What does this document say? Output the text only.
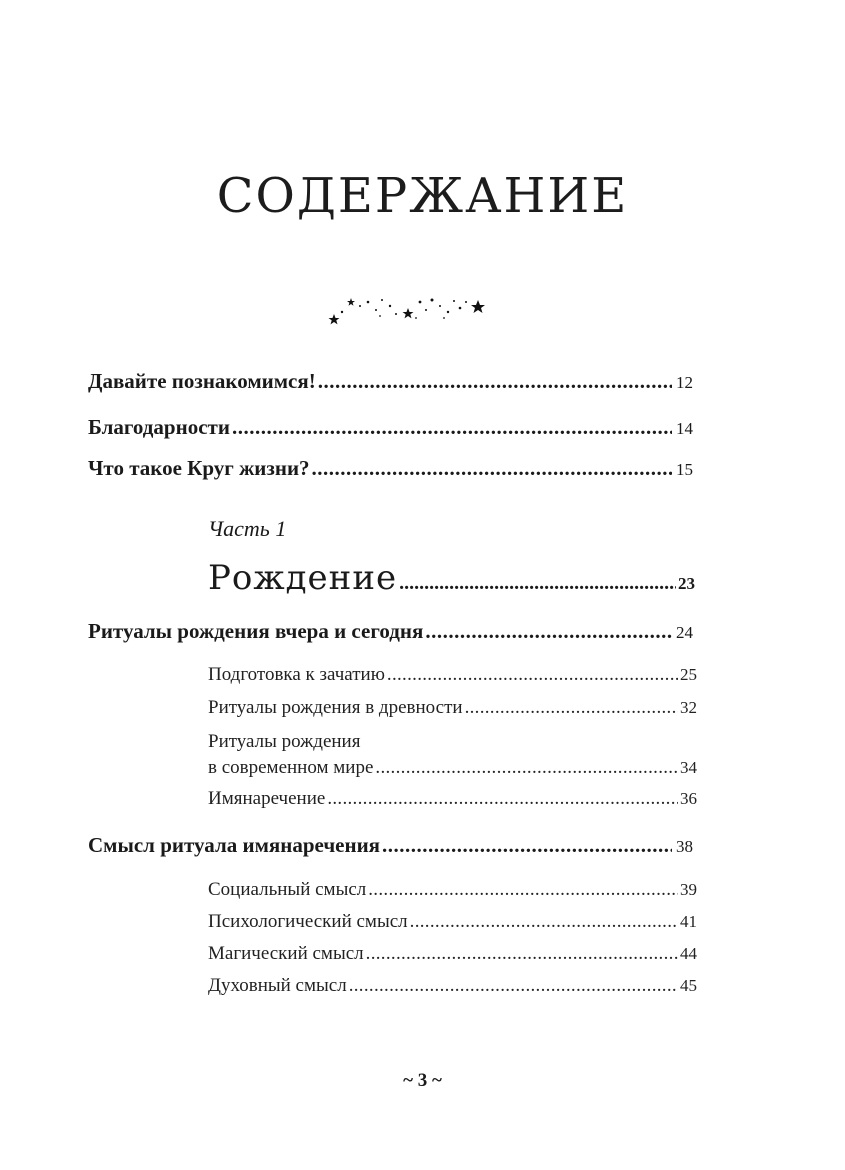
СОДЕРЖАНИЕ
Давайте познакомимся! .....	12
Благодарности .....	14
Что такое Круг жизни? .....	15
Часть 1
Рождение .....	23
Ритуалы рождения вчера и сегодня .....	24
Подготовка к зачатию .....	25
Ритуалы рождения в древности .....	32
Ритуалы рождения
в современном мире .....	34
Имянаречение .....	36
Смысл ритуала имянаречения .....	38
Социальный смысл .....	39
Психологический смысл .....	41
Магический смысл .....	44
Духовный смысл .....	45
~ 3 ~
